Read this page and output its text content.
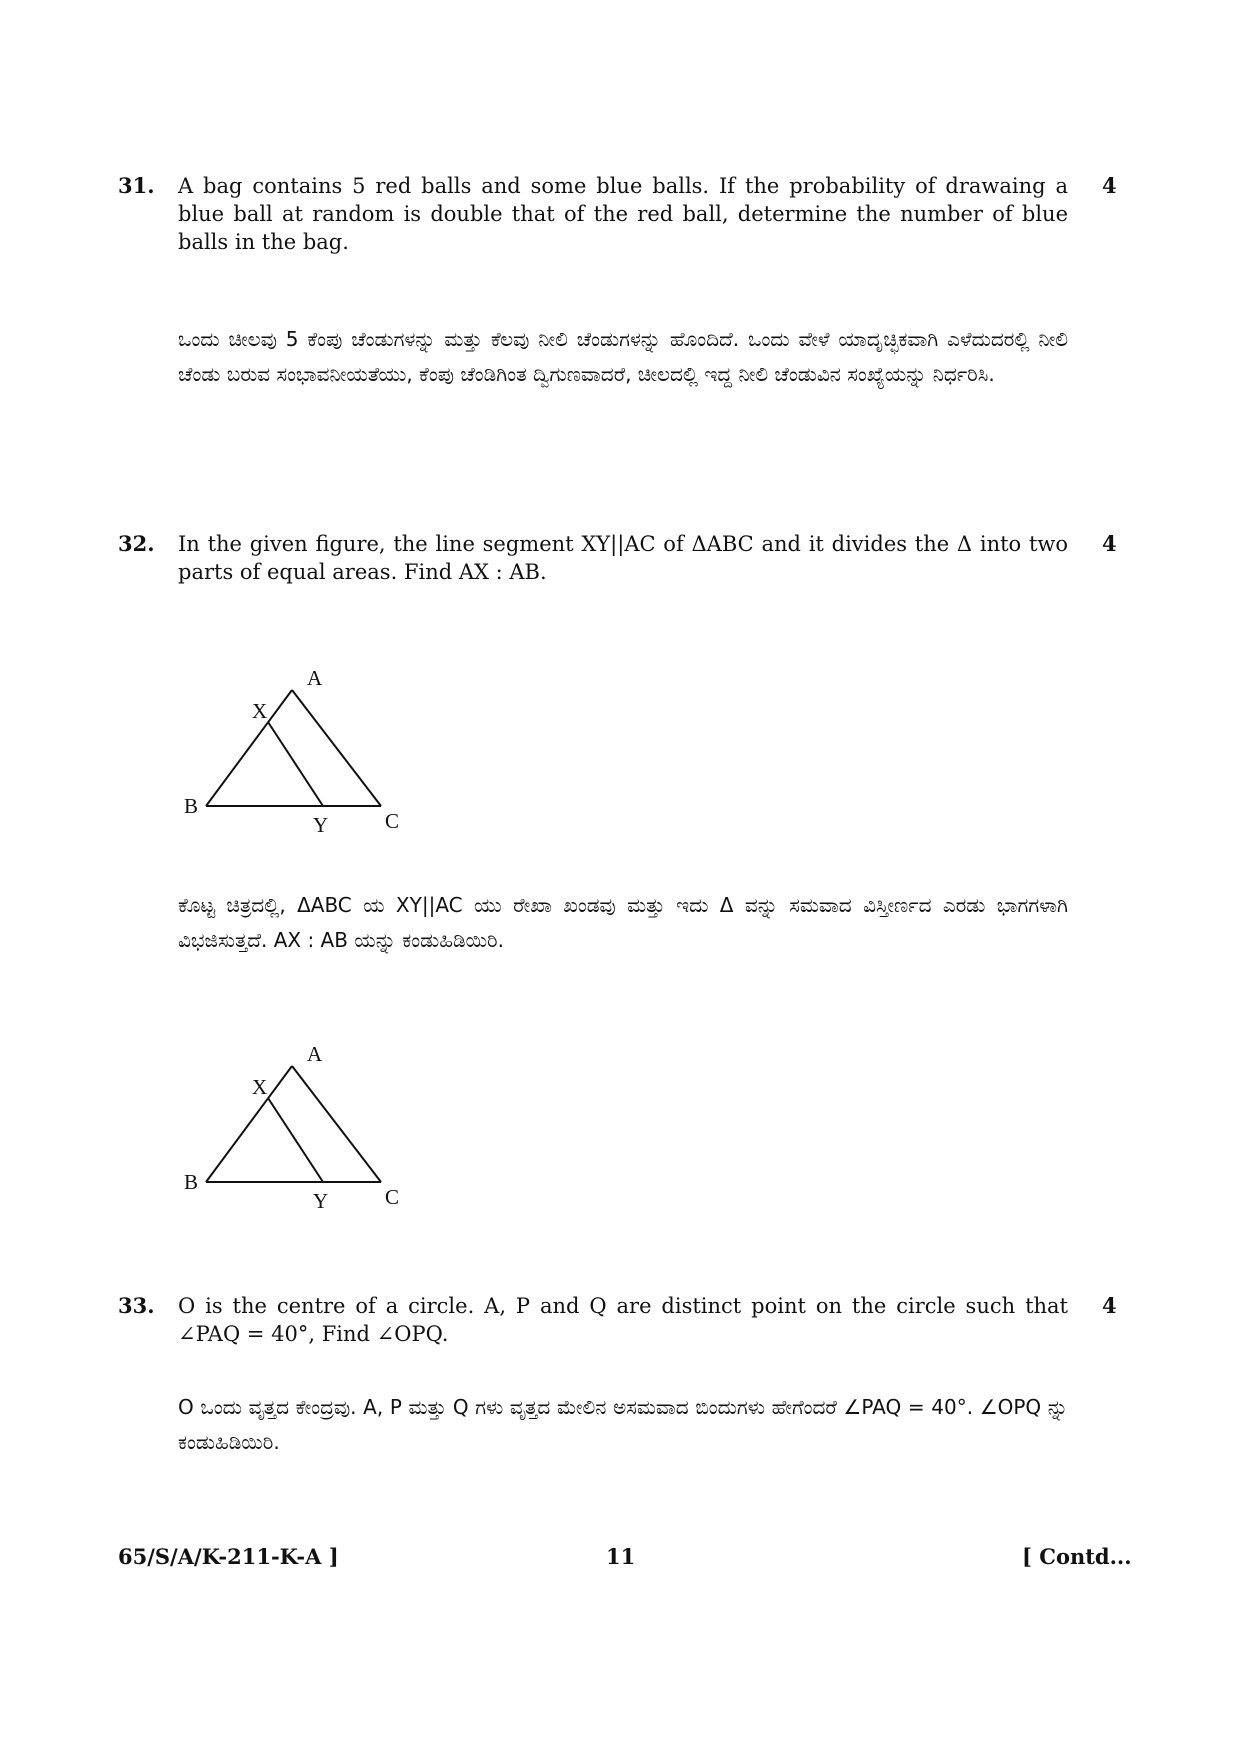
31.	A bag contains 5 red balls and some blue balls. If the probability of drawaing a blue ball at random is double that of the red ball, determine the number of blue balls in the bag.
4
ಒಂದು ಚೀಲವು 5 ಕೆಂಪು ಚೆಂಡುಗಳನ್ನು ಮತ್ತು ಕೆಲವು ನೀಲಿ ಚೆಂಡುಗಳನ್ನು ಹೊಂದಿದೆ. ಒಂದು ವೇಳೆ ಯಾದೃಚ್ಛಿಕವಾಗಿ ಎಳೆದುದರಲ್ಲಿ ನೀಲಿ ಚೆಂಡು ಬರುವ ಸಂಭಾವನೀಯತೆಯು, ಕೆಂಪು ಚೆಂಡಿಗಿಂತ ದ್ವಿಗುಣವಾದರೆ, ಚೀಲದಲ್ಲಿ ಇದ್ದ ನೀಲಿ ಚೆಂಡುವಿನ ಸಂಖ್ಯೆಯನ್ನು ನಿರ್ಧರಿಸಿ.
32.	In the given figure, the line segment XY||AC of ΔABC and it divides the Δ into two parts of equal areas. Find AX : AB.
4
ಕೊಟ್ಟ ಚಿತ್ರದಲ್ಲಿ, ΔABC ಯ XY||AC ಯು ರೇಖಾ ಖಂಡವು ಮತ್ತು ಇದು Δ ವನ್ನು ಸಮವಾದ ವಿಸ್ತೀರ್ಣದ ಎರಡು ಭಾಗಗಳಾಗಿ ವಿಭಜಿಸುತ್ತದೆ. AX : AB ಯನ್ನು ಕಂಡುಹಿಡಿಯಿರಿ.
A
X
B
Y	C
A
X
B
Y	C
33.	O is the centre of a circle. A, P and Q are distinct point on the circle such that ∠PAQ = 40°, Find ∠OPQ.
4
O ಒಂದು ವೃತ್ತದ ಕೇಂದ್ರವು. A, P ಮತ್ತು Q ಗಳು ವೃತ್ತದ ಮೇಲಿನ ಅಸಮವಾದ ಬಿಂದುಗಳು ಹೇಗೆಂದರೆ ∠PAQ = 40°. ∠OPQ ನ್ನು ಕಂಡುಹಿಡಿಯಿರಿ.
65/S/A/K-211-K-A ]	11	[ Contd...
